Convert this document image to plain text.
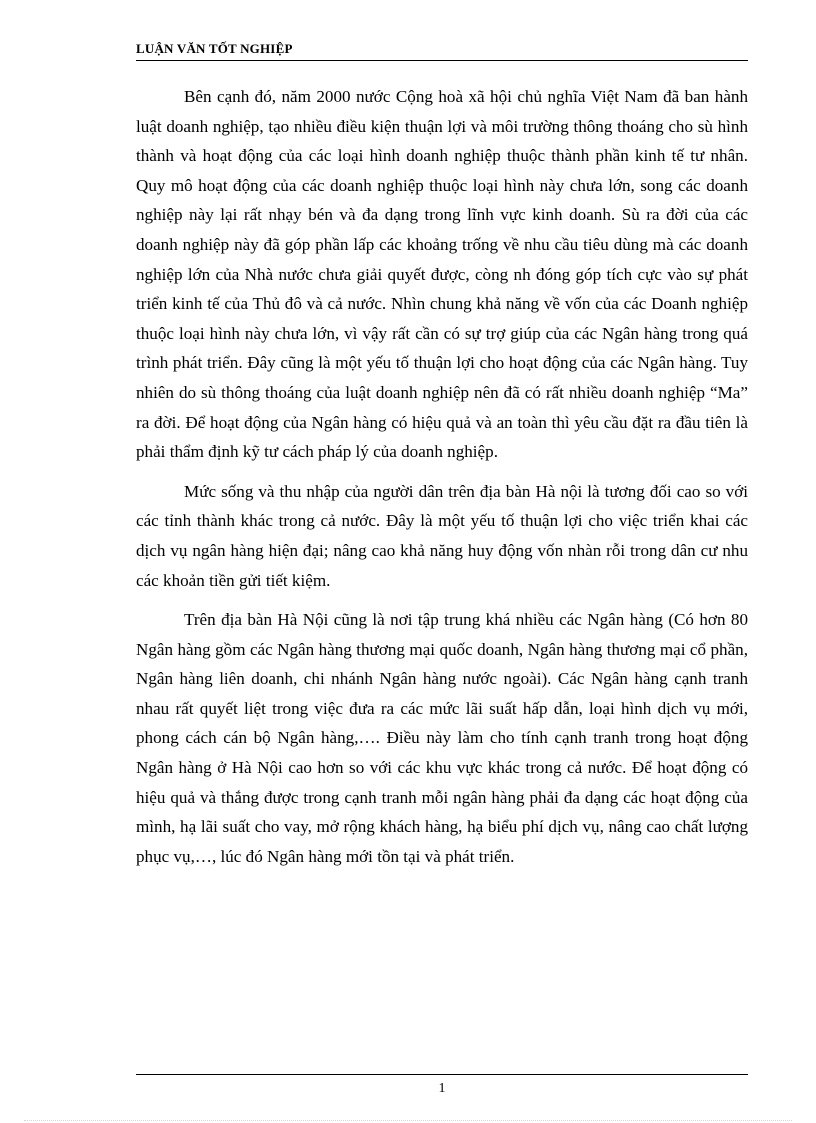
LUẬN VĂN TỐT NGHIỆP

Bên cạnh đó, năm 2000 nước Cộng hoà xã hội chủ nghĩa Việt Nam đã ban hành luật doanh nghiệp, tạo nhiều điều kiện thuận lợi và môi trường thông thoáng cho sù hình thành và hoạt động của các loại hình doanh nghiệp thuộc thành phần kinh tế tư nhân. Quy mô hoạt động của các doanh nghiệp thuộc loại hình này chưa lớn, song các doanh nghiệp này lại rất nhạy bén và đa dạng trong lĩnh vực kinh doanh. Sù ra đời của các doanh nghiệp này đã góp phần lấp các khoảng trống về nhu cầu tiêu dùng mà các doanh nghiệp lớn của Nhà nước chưa giải quyết được, còng nh đóng góp tích cực vào sự phát triển kinh tế của Thủ đô và cả nước. Nhìn chung khả năng về vốn của các Doanh nghiệp thuộc loại hình này chưa lớn, vì vậy rất cần có sự trợ giúp của các Ngân hàng trong quá trình phát triển. Đây cũng là một yếu tố thuận lợi cho hoạt động của các Ngân hàng. Tuy nhiên do sù thông thoáng của luật doanh nghiệp nên đã có rất nhiều doanh nghiệp “Ma” ra đời. Để hoạt động của Ngân hàng có hiệu quả và an toàn thì yêu cầu đặt ra đầu tiên là phải thẩm định kỹ tư cách pháp lý của doanh nghiệp.

Mức sống và thu nhập của người dân trên địa bàn Hà nội là tương đối cao so với các tỉnh thành khác trong cả nước. Đây là một yếu tố thuận lợi cho việc triển khai các dịch vụ ngân hàng hiện đại; nâng cao khả năng huy động vốn nhàn rỗi trong dân cư nhu các khoản tiền gửi tiết kiệm.

Trên địa bàn Hà Nội cũng là nơi tập trung khá nhiều các Ngân hàng (Có hơn 80 Ngân hàng gồm các Ngân hàng thương mại quốc doanh, Ngân hàng thương mại cổ phần, Ngân hàng liên doanh, chi nhánh Ngân hàng nước ngoài). Các Ngân hàng cạnh tranh nhau rất quyết liệt trong việc đưa ra các mức lãi suất hấp dẫn, loại hình dịch vụ mới, phong cách cán bộ Ngân hàng,…. Điều này làm cho tính cạnh tranh trong hoạt động Ngân hàng ở Hà Nội cao hơn so với các khu vực khác trong cả nước. Để hoạt động có hiệu quả và thắng được trong cạnh tranh mỗi ngân hàng phải đa dạng các hoạt động của mình, hạ lãi suất cho vay, mở rộng khách hàng, hạ biểu phí dịch vụ, nâng cao chất lượng phục vụ,…, lúc đó Ngân hàng mới tồn tại và phát triển.

1
